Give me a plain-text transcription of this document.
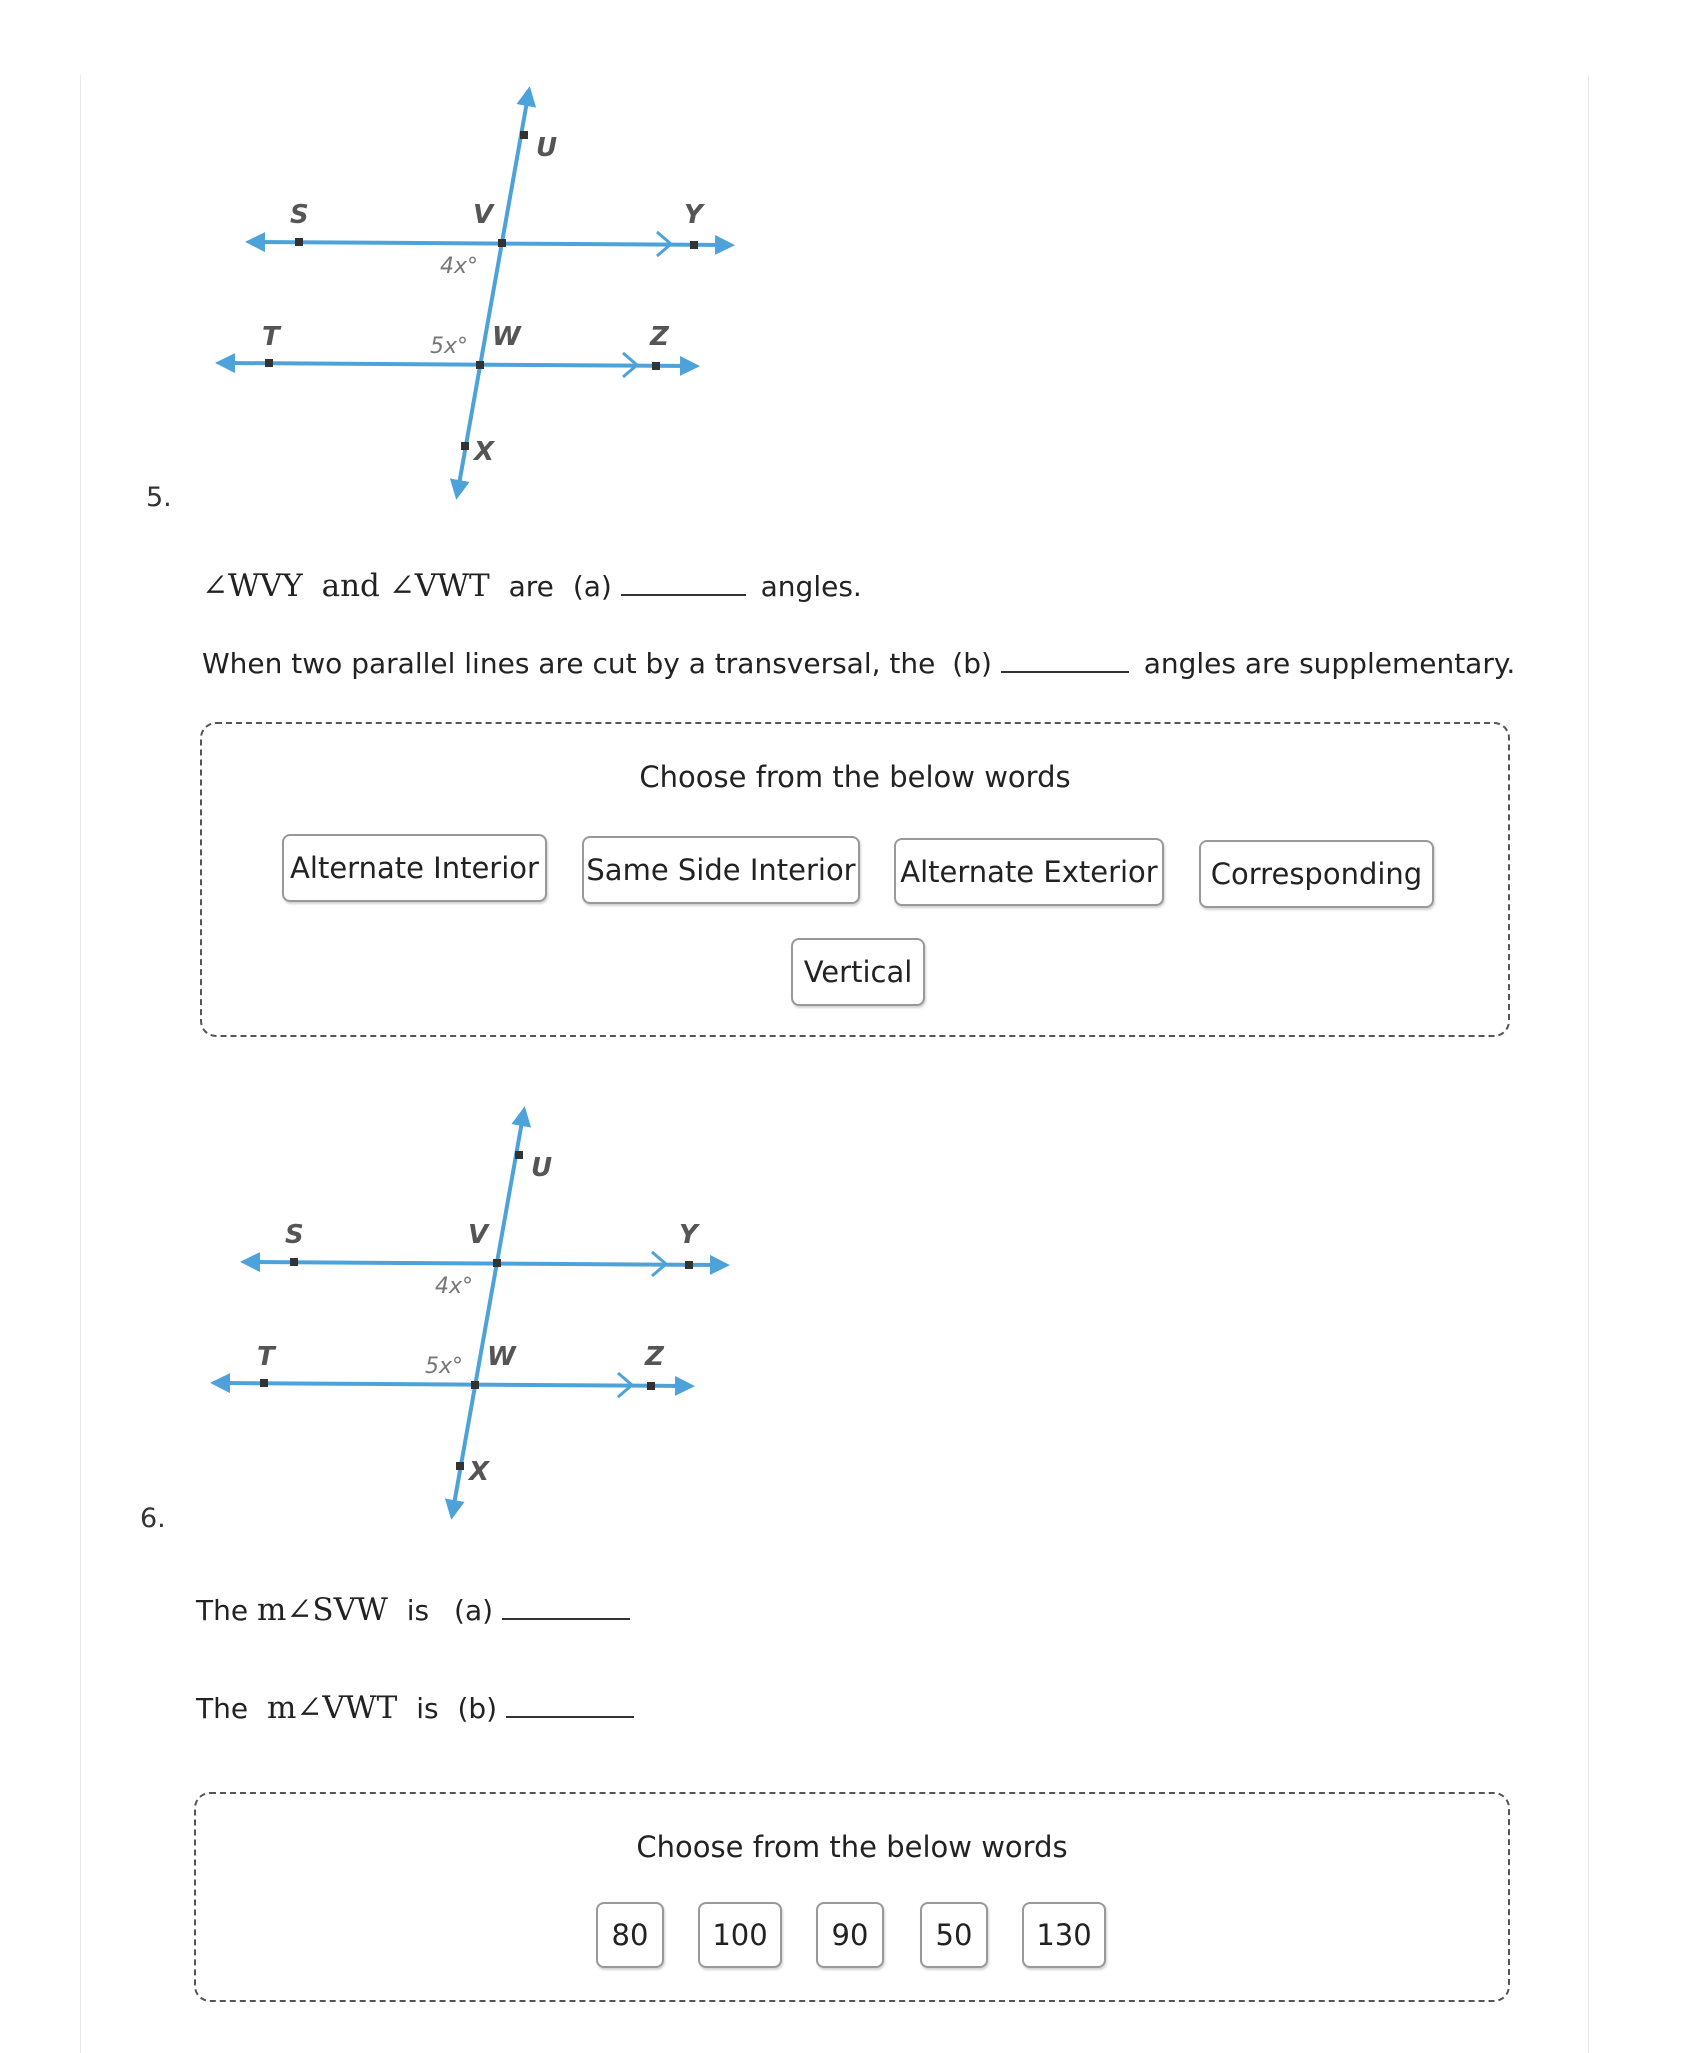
S	V	Y
T	W	Z
U
X
4x°
5x°
5.
∠WVY and ∠VWT are (a)	angles.
When two parallel lines are cut by a transversal, the (b)	angles are supplementary.
Choose from the below words
Alternate Interior Same Side Interior Alternate Exterior	Corresponding
Vertical
S	V	Y
T	W	Z
U
X
4x°
5x°
6.
The m∠SVW is (a)
The m∠VWT is (b)
Choose from the below words
80	100	90	50	130
